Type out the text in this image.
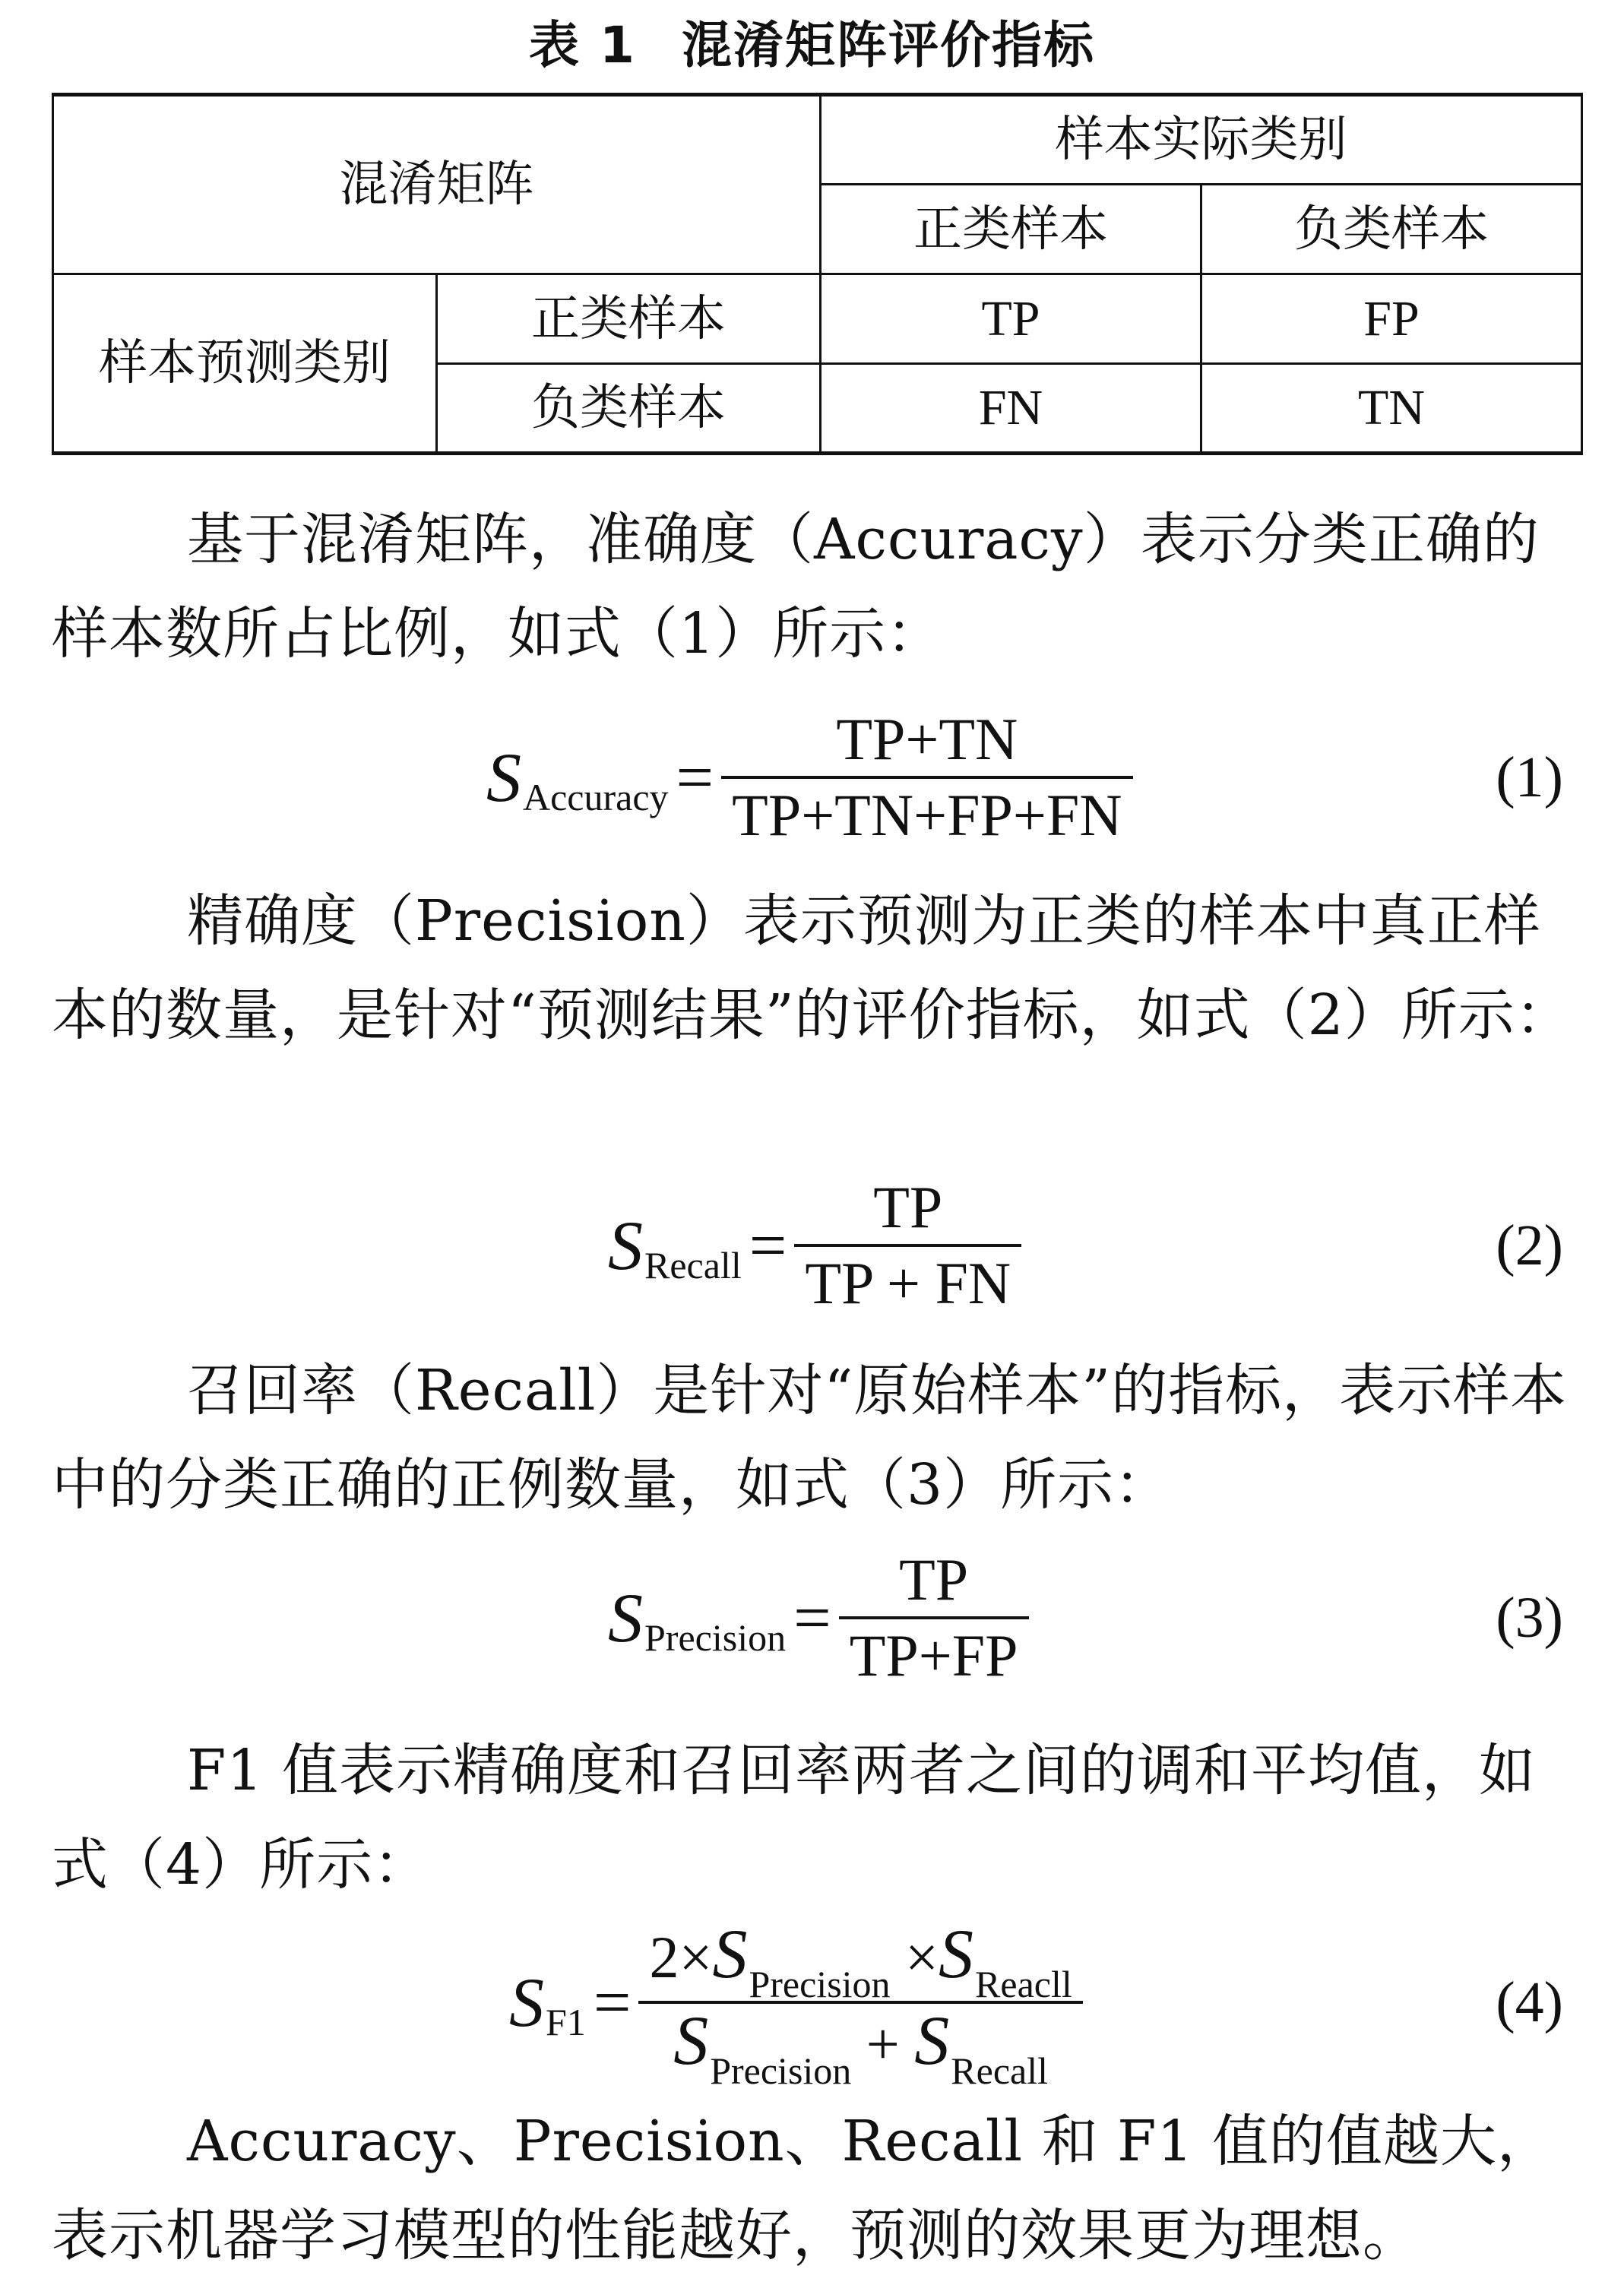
表 1 混淆矩阵评价指标
混淆矩阵		样本实际类别	
		正类样本	负类样本
样本预测类别	正类样本	TP	FP
	负类样本	FN	TN

基于混淆矩阵，准确度（Accuracy）表示分类正确的样本数所占比例，如式（1）所示：

S Accuracy = $\frac{TP+TN}{TP+TN+FP+FN}$	(1)

精确度（Precision）表示预测为正类的样本中真正样本的数量，是针对“预测结果”的评价指标，如式（2）所示：

S Recall = $\frac{TP}{TP + FN}$	(2)

召回率（Recall）是针对“原始样本”的指标，表示样本中的分类正确的正例数量，如式（3）所示：

S Precision = $\frac{TP}{TP+FP}$	(3)

F1 值表示精确度和召回率两者之间的调和平均值，如式（4）所示：

S $F1 = \frac{2\times S_{Precision} \times S_{Reacll}}{S_{Precision} + S_{Recall}}$	(4)

Accuracy、Precision、Recall 和 F1 值的值越大，表示机器学习模型的性能越好，预测的效果更为理想。
